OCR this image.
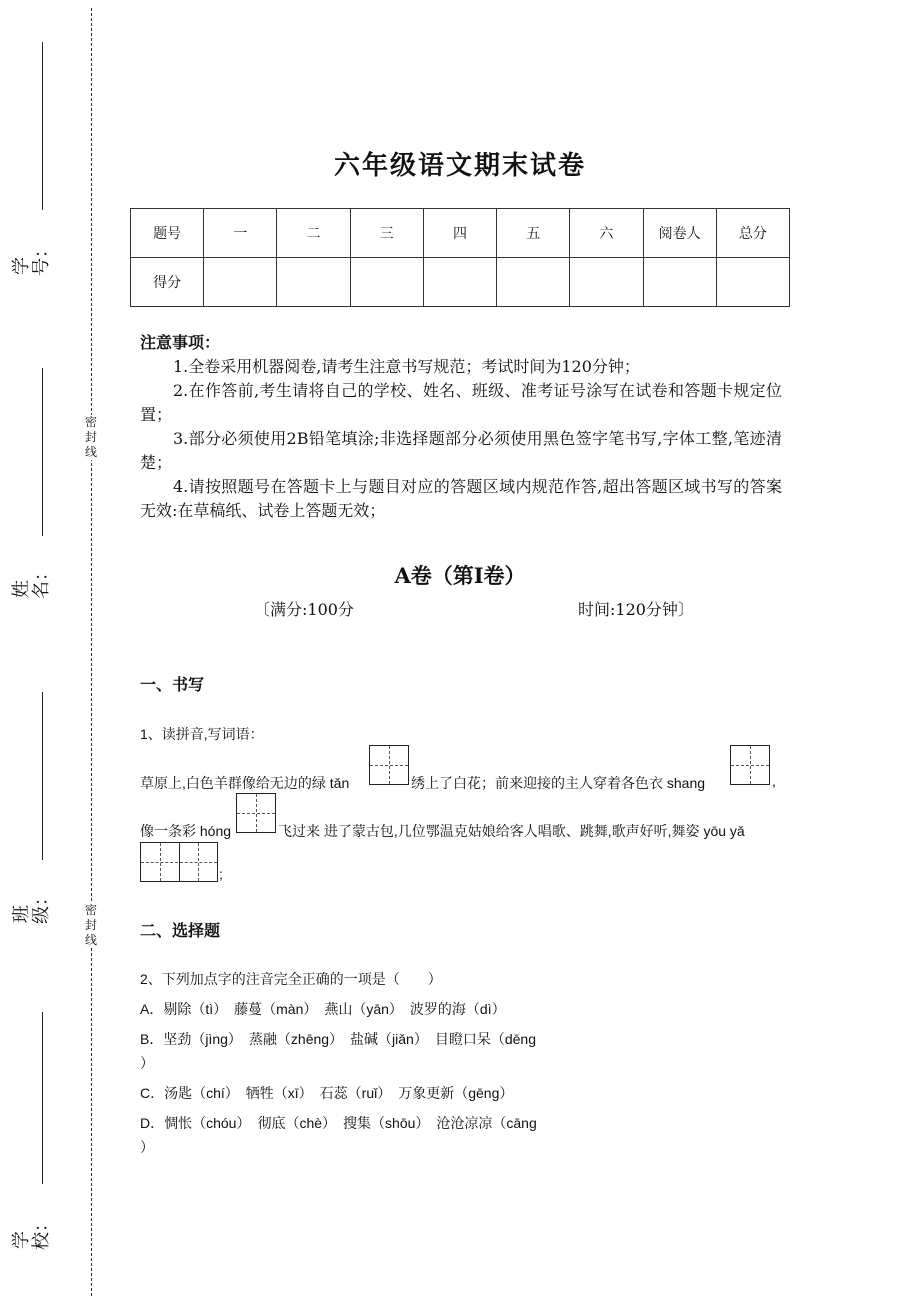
密
封
线
密
封
线
学号：
姓名：
班级：
学校：
六年级语文期末试卷
题号	一	二	三	四	五	六	阅卷人	总分
得分								
注意事项：

1.全卷采用机器阅卷,请考生注意书写规范；考试时间为120分钟；

2.在作答前,考生请将自己的学校、姓名、班级、准考证号涂写在试卷和答题卡规定位置；

3.部分必须使用2B铅笔填涂;非选择题部分必须使用黑色签字笔书写,字体工整,笔迹清楚；

4.请按照题号在答题卡上与题目对应的答题区域内规范作答,超出答题区域书写的答案无效:在草稿纸、试卷上答题无效；

A卷（第Ⅰ卷）
〔满分:100分	时间:120分钟〕
一、书写
1、读拼音,写词语：
草原上,白色羊群像给无边的绿 tǎn	绣上了白花；前来迎接的主人穿着各色衣 shang	,
像一条彩 hóng	飞过来 进了蒙古包,几位鄂温克姑娘给客人唱歌、跳舞,歌声好听,舞姿 yōu yǎ
;
二、选择题
2、下列加点字的注音完全正确的一项是（　　）
A．剔除（tì）　藤蔓（màn）　燕山（yān）　波罗的海（dì）
B．坚劲（jìng）　蒸融（zhēng）　盐碱（jiǎn）　目瞪口呆（dēng
）
C．汤匙（chí）　牺牲（xī）　石蕊（ruǐ）　万象更新（gēng）
D．惆怅（chóu）　彻底（chè）　搜集（shōu）　沧沧凉凉（cāng
）
